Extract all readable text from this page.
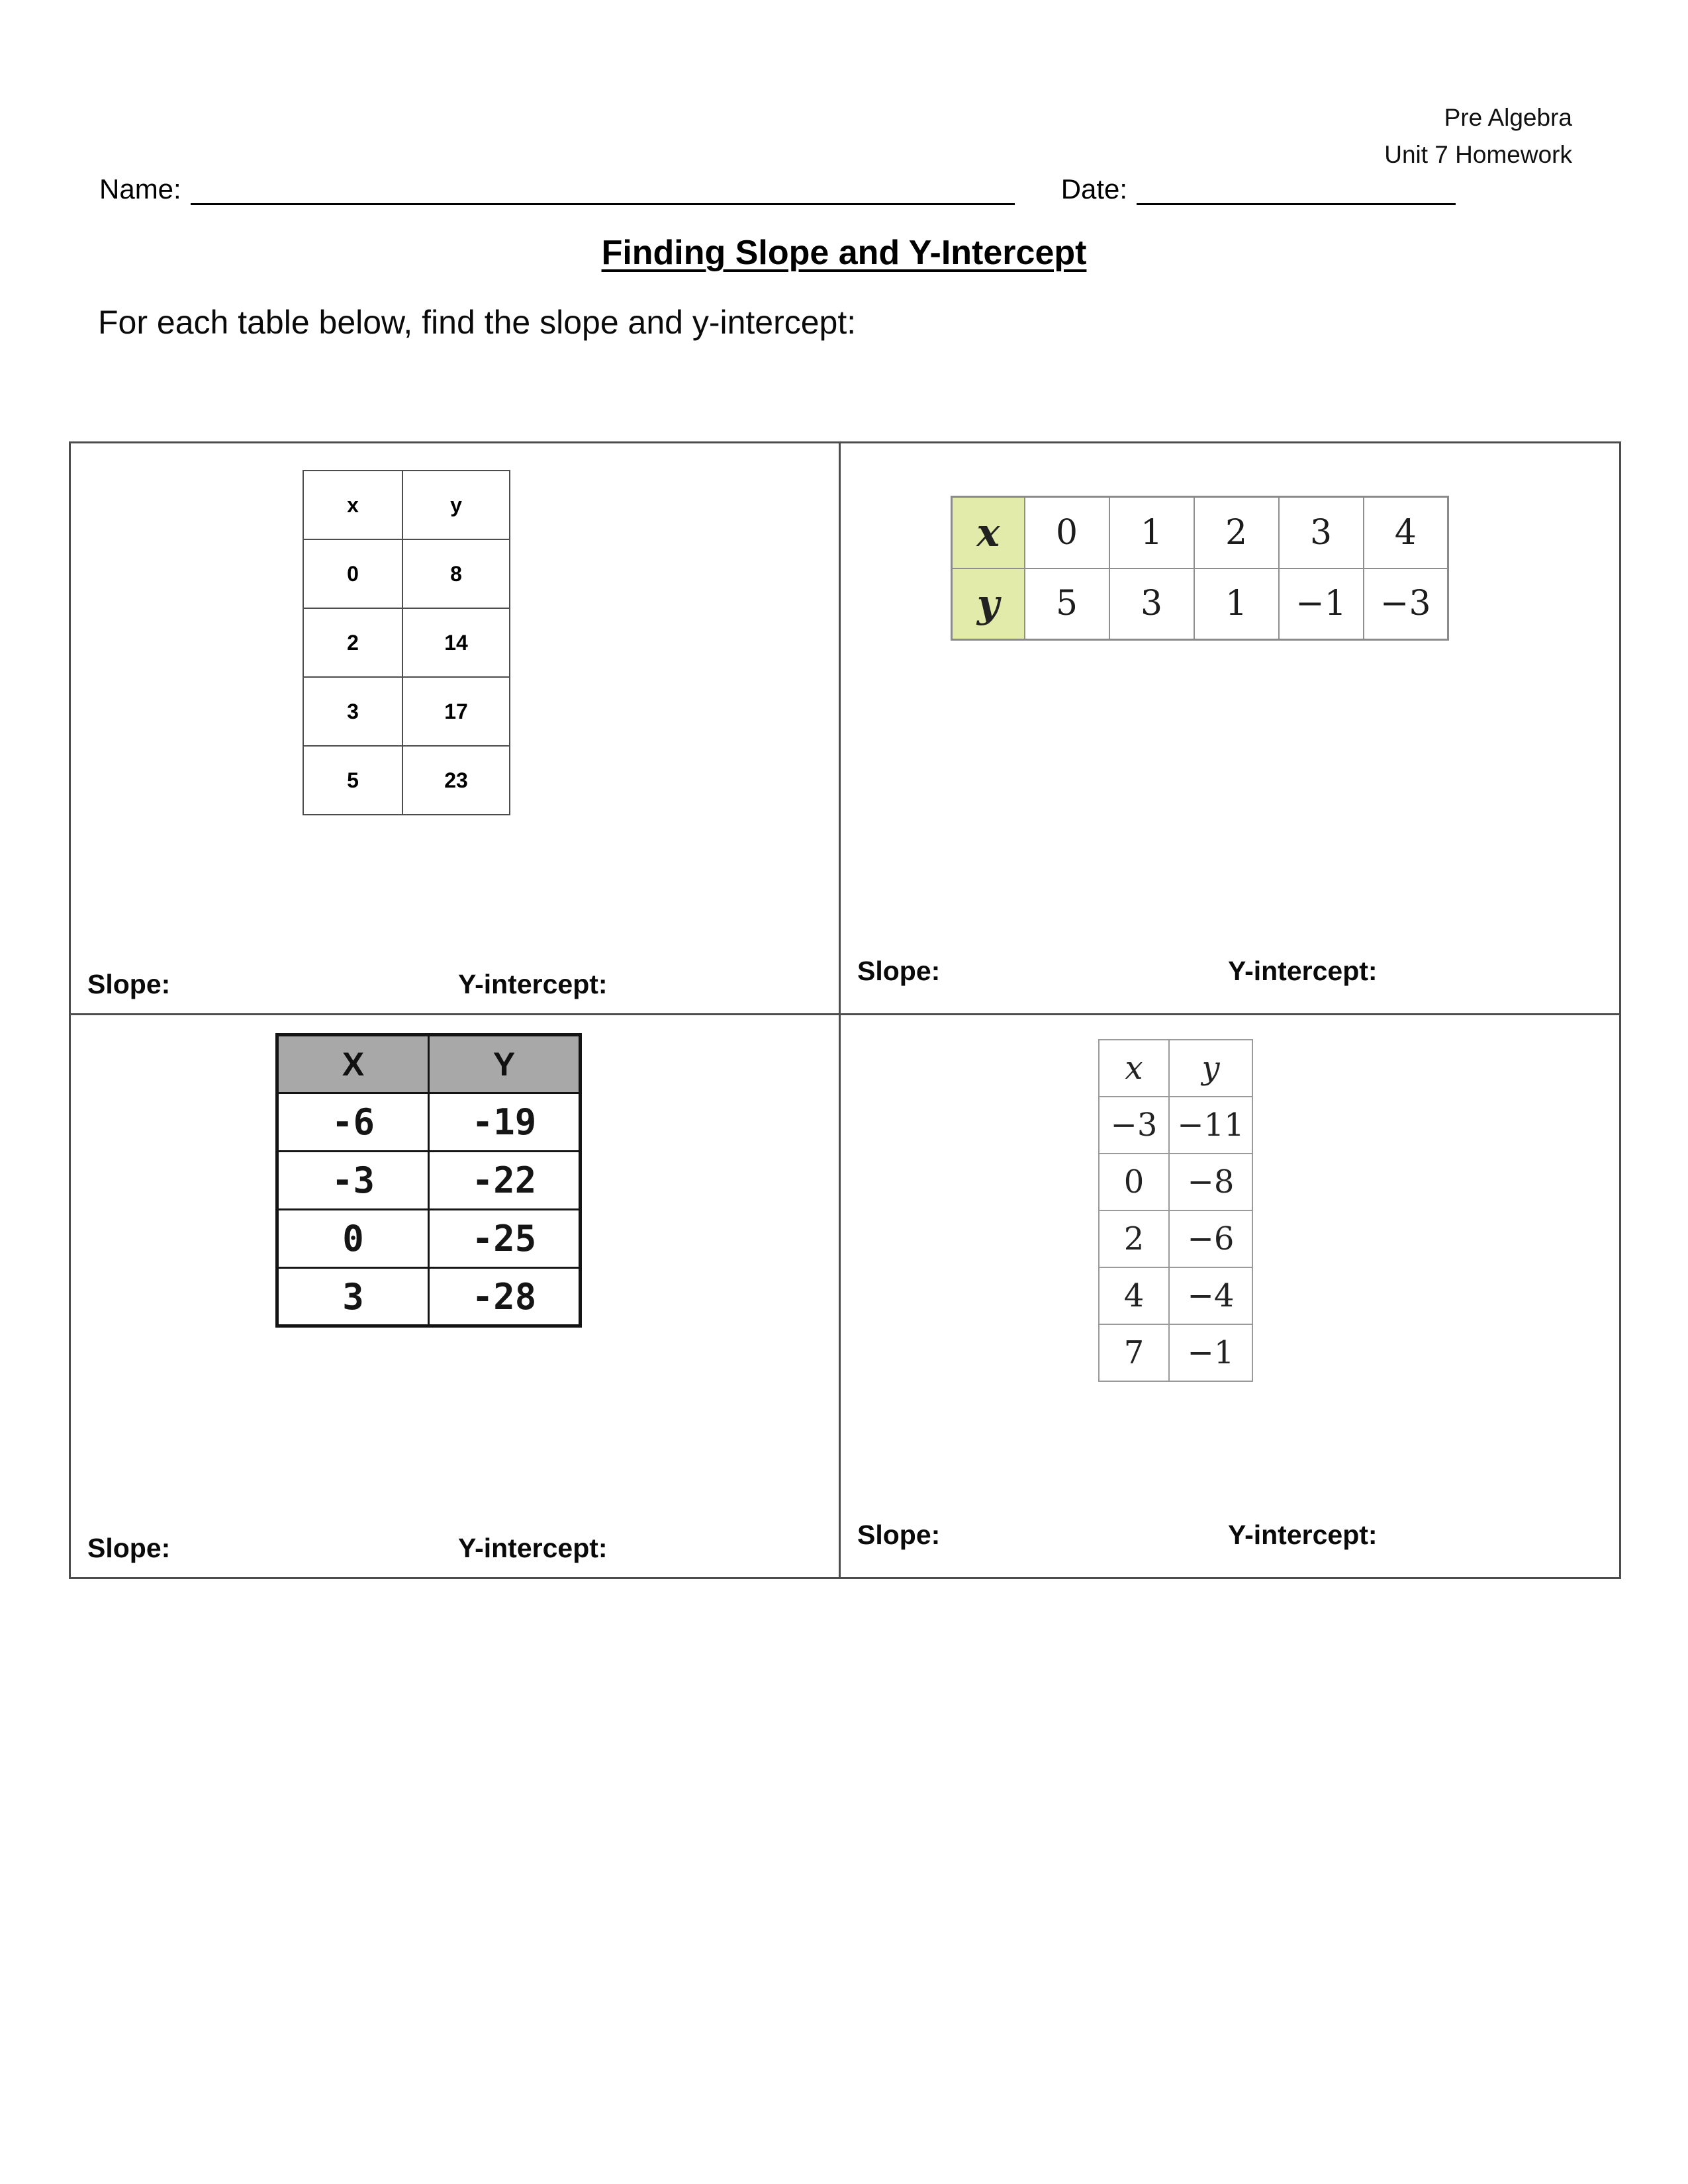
Pre Algebra
Unit 7 Homework
Name:	Date:
Finding Slope and Y-Intercept
For each table below, find the slope and y-intercept:
x	y
0	8
2	14
3	17
5	23
Slope:	Y-intercept:
x	0	1	2	3	4
y	5	3	1	−1	−3
Slope:	Y-intercept:
X	Y
-6	-19
-3	-22
0	-25
3	-28
Slope:	Y-intercept:
x	y
−3	−11
0	−8
2	−6
4	−4
7	−1
Slope:	Y-intercept:
